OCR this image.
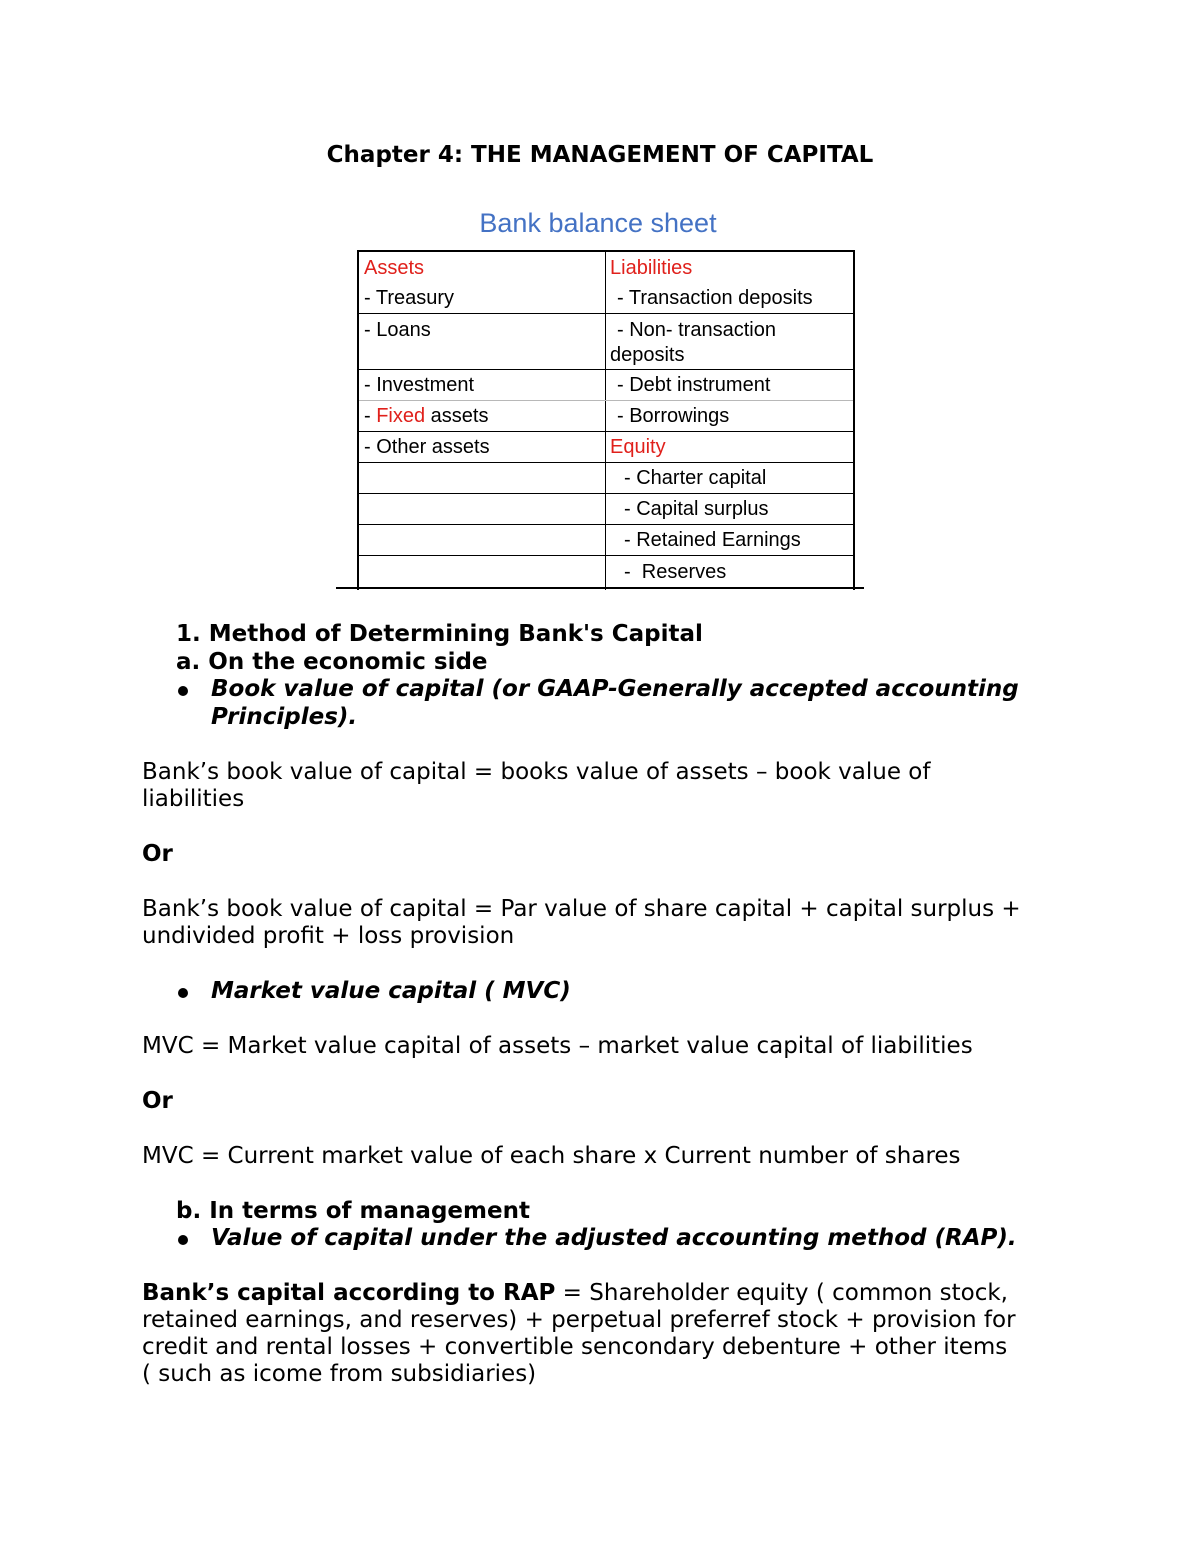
Chapter 4: THE MANAGEMENT OF CAPITAL
Bank balance sheet
Assets
- Treasury
- Loans
- Investment
- Fixed assets
- Other assets
Liabilities
- Transaction deposits
- Non- transaction
deposits
- Debt instrument
- Borrowings
Equity
- Charter capital
- Capital surplus
- Retained Earnings
-  Reserves
1. Method of Determining Bank's Capital
a. On the economic side
Book value of capital (or GAAP-Generally accepted accounting
Principles).
Bank’s book value of capital = books value of assets – book value of
liabilities
Or
Bank’s book value of capital = Par value of share capital + capital surplus +
undivided profit + loss provision
Market value capital ( MVC)
MVC = Market value capital of assets – market value capital of liabilities
Or
MVC = Current market value of each share x Current number of shares
b. In terms of management
Value of capital under the adjusted accounting method (RAP).
Bank’s capital according to RAP = Shareholder equity ( common stock,
retained earnings, and reserves) + perpetual preferref stock + provision for
credit and rental losses + convertible sencondary debenture + other items
( such as icome from subsidiaries)
